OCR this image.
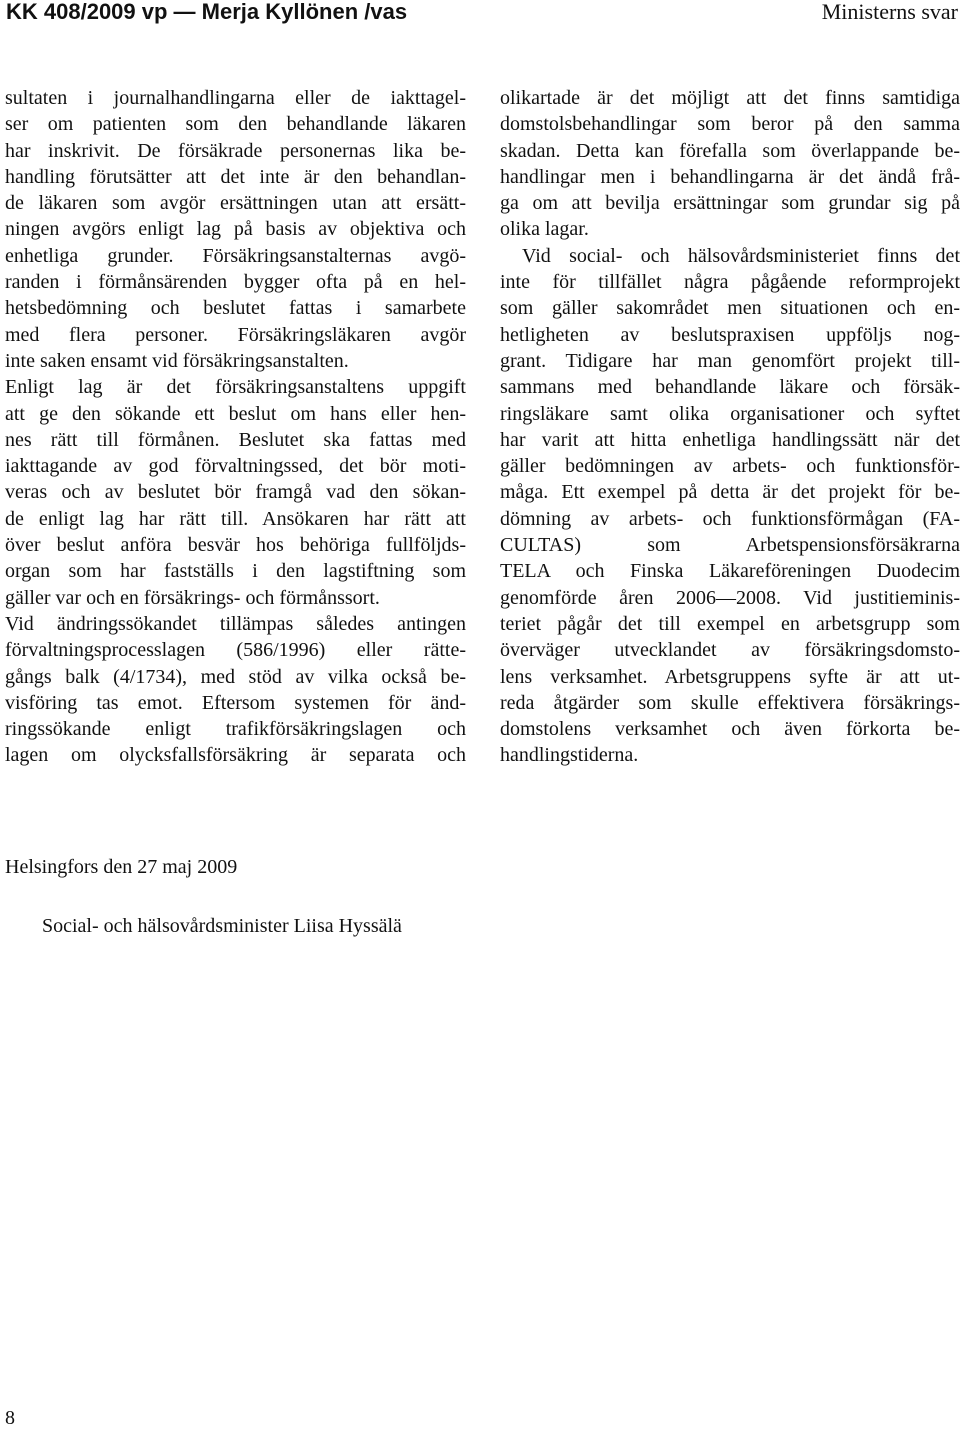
KK 408/2009 vp — Merja Kyllönen /vas	Ministerns svar
sultaten i journalhandlingarna eller de iakttagel-
ser om patienten som den behandlande läkaren
har inskrivit. De försäkrade personernas lika be-
handling förutsätter att det inte är den behandlan-
de läkaren som avgör ersättningen utan att ersätt-
ningen avgörs enligt lag på basis av objektiva och
enhetliga grunder. Försäkringsanstalternas avgö-
randen i förmånsärenden bygger ofta på en hel-
hetsbedömning och beslutet fattas i samarbete
med flera personer. Försäkringsläkaren avgör
inte saken ensamt vid försäkringsanstalten.
Enligt lag är det försäkringsanstaltens uppgift
att ge den sökande ett beslut om hans eller hen-
nes rätt till förmånen. Beslutet ska fattas med
iakttagande av god förvaltningssed, det bör moti-
veras och av beslutet bör framgå vad den sökan-
de enligt lag har rätt till. Ansökaren har rätt att
över beslut anföra besvär hos behöriga fullföljds-
organ som har fastställs i den lagstiftning som
gäller var och en försäkrings- och förmånssort.
Vid ändringssökandet tillämpas således antingen
förvaltningsprocesslagen (586/1996) eller rätte-
gångs balk (4/1734), med stöd av vilka också be-
visföring tas emot. Eftersom systemen för änd-
ringssökande enligt trafikförsäkringslagen och
lagen om olycksfallsförsäkring är separata och
olikartade är det möjligt att det finns samtidiga
domstolsbehandlingar som beror på den samma
skadan. Detta kan förefalla som överlappande be-
handlingar men i behandlingarna är det ändå frå-
ga om att bevilja ersättningar som grundar sig på
olika lagar.
Vid social- och hälsovårdsministeriet finns det
inte för tillfället några pågående reformprojekt
som gäller sakområdet men situationen och en-
hetligheten av beslutspraxisen uppföljs nog-
grant. Tidigare har man genomfört projekt till-
sammans med behandlande läkare och försäk-
ringsläkare samt olika organisationer och syftet
har varit att hitta enhetliga handlingssätt när det
gäller bedömningen av arbets- och funktionsför-
måga. Ett exempel på detta är det projekt för be-
dömning av arbets- och funktionsförmågan (FA-
CULTAS) som Arbetspensionsförsäkrarna
TELA och Finska Läkareföreningen Duodecim
genomförde åren 2006—2008. Vid justitieminis-
teriet pågår det till exempel en arbetsgrupp som
överväger utvecklandet av försäkringsdomsto-
lens verksamhet. Arbetsgruppens syfte är att ut-
reda åtgärder som skulle effektivera försäkrings-
domstolens verksamhet och även förkorta be-
handlingstiderna.
Helsingfors den 27 maj 2009
Social- och hälsovårdsminister Liisa Hyssälä
8
